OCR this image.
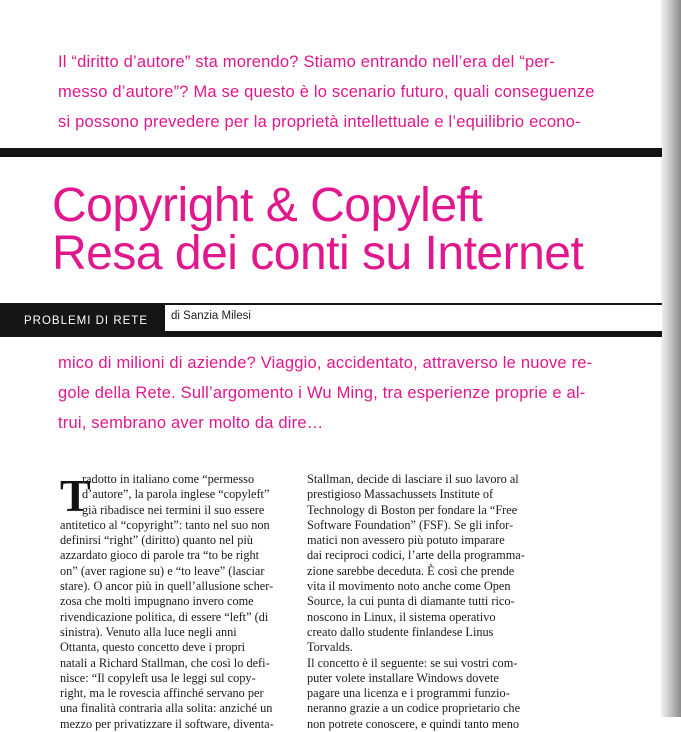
Il “diritto d’autore” sta morendo? Stiamo entrando nell’era del “per-
messo d’autore”? Ma se questo è lo scenario futuro, quali conseguenze
si possono prevedere per la proprietà intellettuale e l’equilibrio econo-
Copyright & Copyleft
Resa dei conti su Internet
PROBLEMI DI RETE di Sanzia Milesi
mico di milioni di aziende? Viaggio, accidentato, attraverso le nuove re-
gole della Rete. Sull’argomento i Wu Ming, tra esperienze proprie e al-
trui, sembrano aver molto da dire…
T

radotto in italiano come “permesso

d’autore”, la parola inglese “copyleft”

già ribadisce nei termini il suo essere

antitetico al “copyright”: tanto nel suo non

definirsi “right” (diritto) quanto nel più

azzardato gioco di parole tra “to be right

on” (aver ragione su) e “to leave” (lasciar

stare). O ancor più in quell’allusione scher-

zosa che molti impugnano invero come

rivendicazione politica, di essere “left” (di

sinistra). Venuto alla luce negli anni

Ottanta, questo concetto deve i propri

natali a Richard Stallman, che così lo defi-

nisce: “Il copyleft usa le leggi sul copy-

right, ma le rovescia affinché servano per

una finalità contraria alla solita: anziché un

mezzo per privatizzare il software, diventa-

Stallman, decide di lasciare il suo lavoro al

prestigioso Massachussets Institute of

Technology di Boston per fondare la “Free

Software Foundation” (FSF). Se gli infor-

matici non avessero più potuto imparare

dai reciproci codici, l’arte della programma-

zione sarebbe deceduta. È così che prende

vita il movimento noto anche come Open

Source, la cui punta di diamante tutti rico-

noscono in Linux, il sistema operativo

creato dallo studente finlandese Linus

Torvalds.

Il concetto è il seguente: se sui vostri com-

puter volete installare Windows dovete

pagare una licenza e i programmi funzio-

neranno grazie a un codice proprietario che

non potrete conoscere, e quindi tanto meno
